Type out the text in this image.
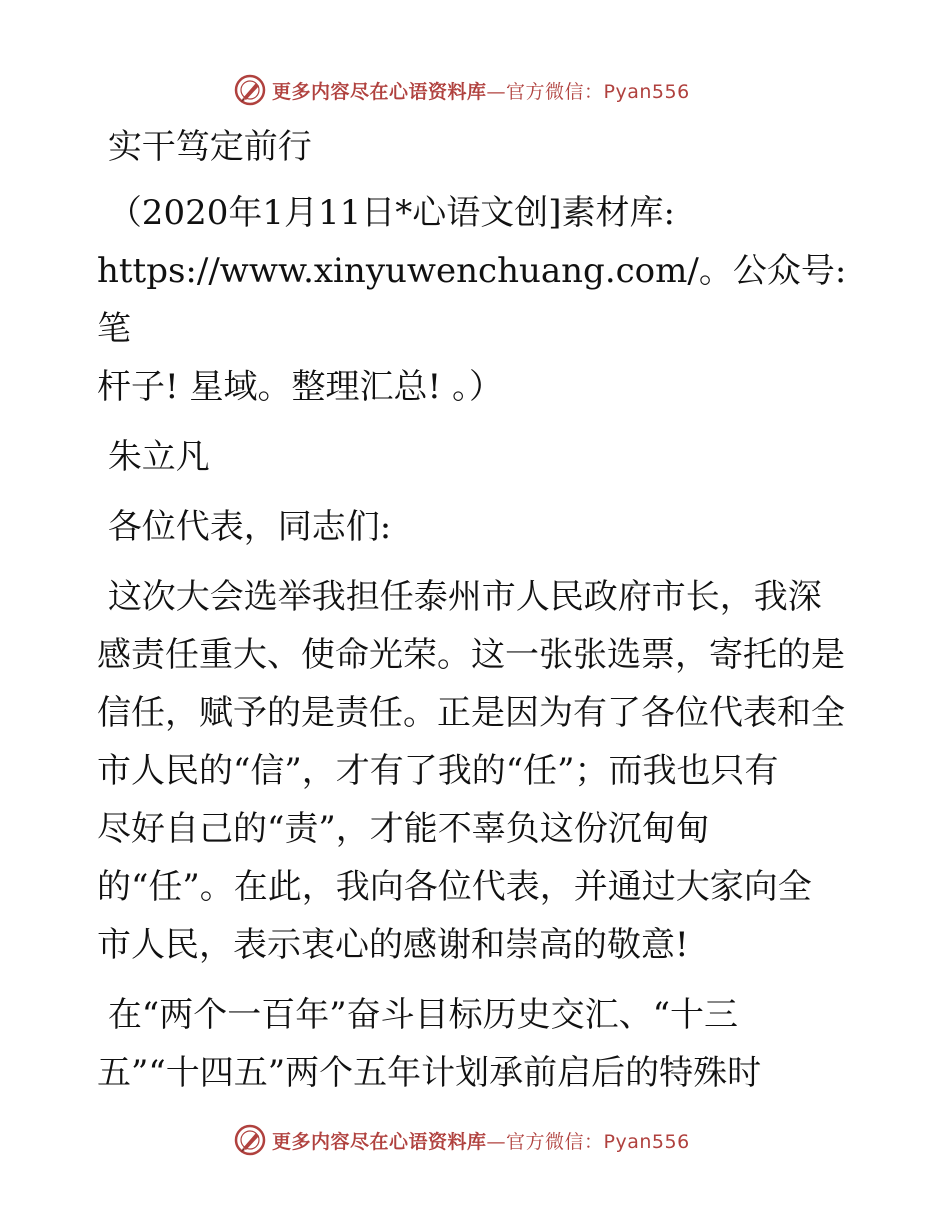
更多内容尽在心语资料库—官方微信：Pyan556

实干笃定前行

（2020年1月11日*心语文创]素材库:

https://www.xinyuwenchuang.com/。公众号: 笔

杆子! 星域。整理汇总! 。）

朱立凡

各位代表，同志们:

这次大会选举我担任泰州市人民政府市长，我深

感责任重大、使命光荣。这一张张选票，寄托的是

信任，赋予的是责任。正是因为有了各位代表和全

市人民的“信”，才有了我的“任”；而我也只有

尽好自己的“责”，才能不辜负这份沉甸甸

的“任”。在此，我向各位代表，并通过大家向全

市人民，表示衷心的感谢和崇高的敬意!

在“两个一百年”奋斗目标历史交汇、“十三

五”“十四五”两个五年计划承前启后的特殊时

更多内容尽在心语资料库—官方微信：Pyan556
